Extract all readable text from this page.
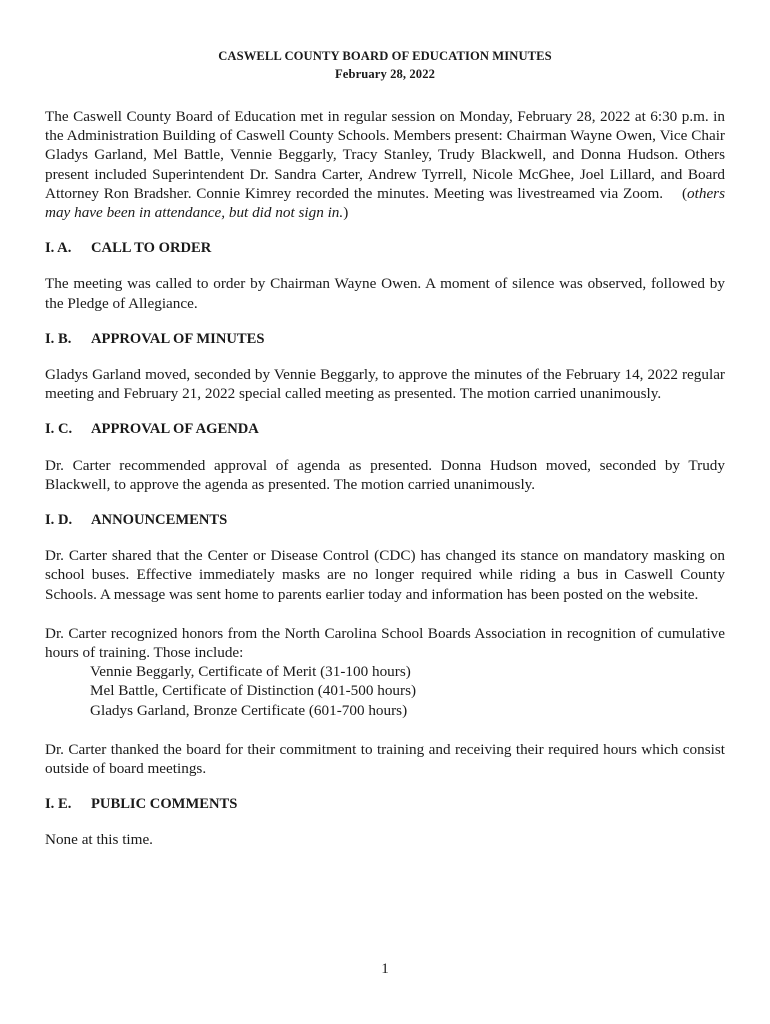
CASWELL COUNTY BOARD OF EDUCATION MINUTES
February 28, 2022

The Caswell County Board of Education met in regular session on Monday, February 28, 2022 at 6:30 p.m. in the Administration Building of Caswell County Schools. Members present: Chairman Wayne Owen, Vice Chair Gladys Garland, Mel Battle, Vennie Beggarly, Tracy Stanley, Trudy Blackwell, and Donna Hudson. Others present included Superintendent Dr. Sandra Carter, Andrew Tyrrell, Nicole McGhee, Joel Lillard, and Board Attorney Ron Bradsher. Connie Kimrey recorded the minutes. Meeting was livestreamed via Zoom. (others may have been in attendance, but did not sign in.)

I. A.	CALL TO ORDER

The meeting was called to order by Chairman Wayne Owen. A moment of silence was observed, followed by the Pledge of Allegiance.

I. B.	APPROVAL OF MINUTES

Gladys Garland moved, seconded by Vennie Beggarly, to approve the minutes of the February 14, 2022 regular meeting and February 21, 2022 special called meeting as presented. The motion carried unanimously.

I. C.	APPROVAL OF AGENDA

Dr. Carter recommended approval of agenda as presented. Donna Hudson moved, seconded by Trudy Blackwell, to approve the agenda as presented. The motion carried unanimously.

I. D.	ANNOUNCEMENTS

Dr. Carter shared that the Center or Disease Control (CDC) has changed its stance on mandatory masking on school buses. Effective immediately masks are no longer required while riding a bus in Caswell County Schools. A message was sent home to parents earlier today and information has been posted on the website.

Dr. Carter recognized honors from the North Carolina School Boards Association in recognition of cumulative hours of training. Those include:

Vennie Beggarly, Certificate of Merit (31-100 hours)
Mel Battle, Certificate of Distinction (401-500 hours)
Gladys Garland, Bronze Certificate (601-700 hours)

Dr. Carter thanked the board for their commitment to training and receiving their required hours which consist outside of board meetings.

I. E.	PUBLIC COMMENTS

None at this time.

1
